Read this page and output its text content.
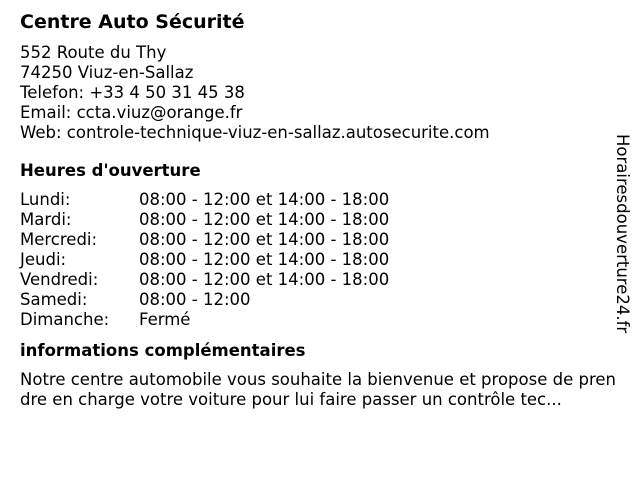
Centre Auto Sécurité
552 Route du Thy
74250 Viuz-en-Sallaz
Telefon: +33 4 50 31 45 38
Email: ccta.viuz@orange.fr
Web: controle-technique-viuz-en-sallaz.autosecurite.com
Heures d'ouverture
Lundi:	08:00 - 12:00 et 14:00 - 18:00
Mardi:	08:00 - 12:00 et 14:00 - 18:00
Mercredi:	08:00 - 12:00 et 14:00 - 18:00
Jeudi:	08:00 - 12:00 et 14:00 - 18:00
Vendredi:	08:00 - 12:00 et 14:00 - 18:00
Samedi:	08:00 - 12:00
Dimanche:	Fermé
informations complémentaires
Notre centre automobile vous souhaite la bienvenue et propose de prendre en charge votre voiture pour lui faire passer un contrôle tec...
Horairesdouverture24.fr
